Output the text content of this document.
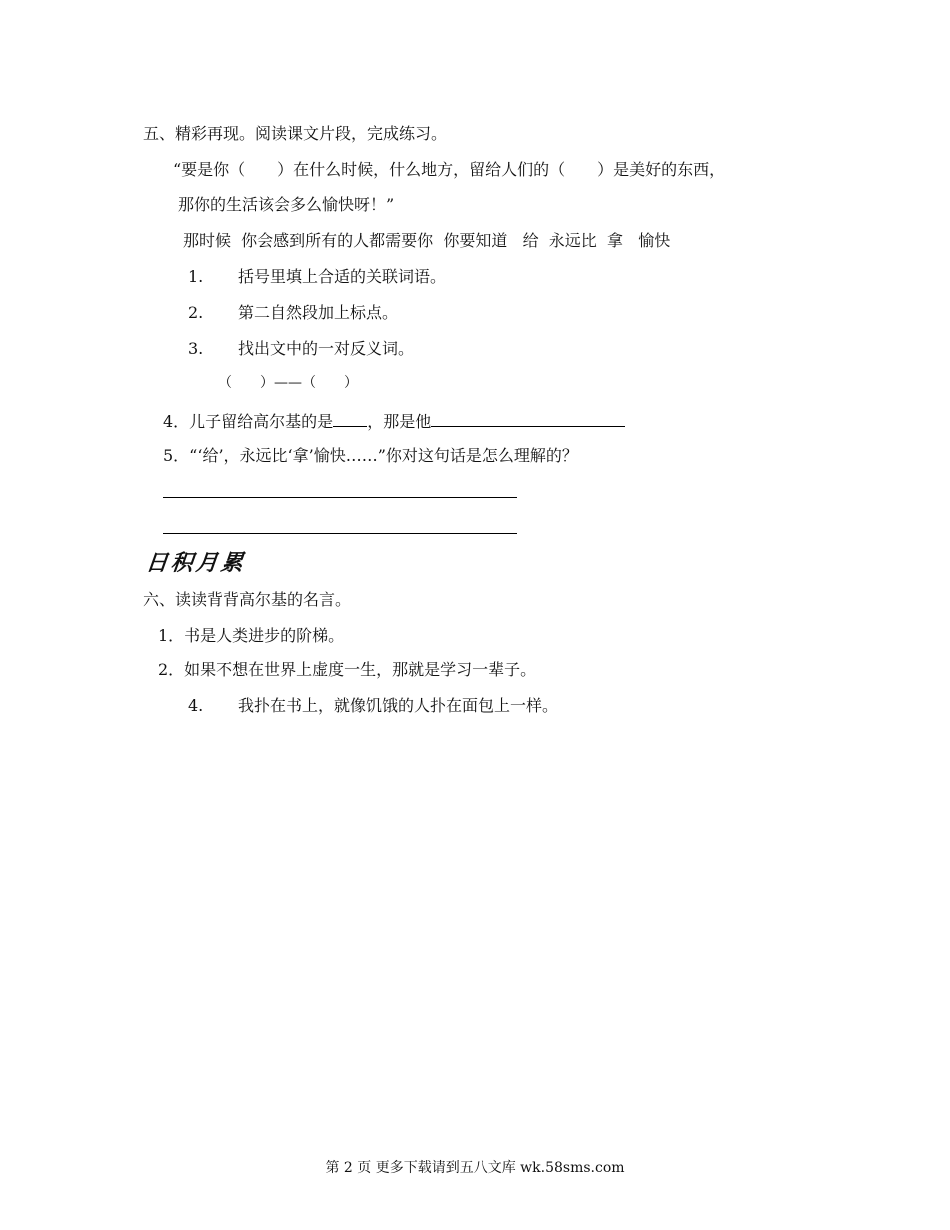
五、精彩再现。阅读课文片段，完成练习。
“要是你（　　）在什么时候，什么地方，留给人们的（　　）是美好的东西，
那你的生活该会多么愉快呀！”
那时候  你会感到所有的人都需要你  你要知道   给  永远比  拿   愉快
1. 括号里填上合适的关联词语。
2. 第二自然段加上标点。
3. 找出文中的一对反义词。
（　　）——（　　）
4．儿子留给高尔基的是 ，那是他
5．“‘给’，永远比‘拿’愉快……”你对这句话是怎么理解的？
日积月累
六、读读背背高尔基的名言。
1．书是人类进步的阶梯。
2．如果不想在世界上虚度一生，那就是学习一辈子。
4. 我扑在书上，就像饥饿的人扑在面包上一样。
第 2 页 更多下载请到五八文库 wk.58sms.com
